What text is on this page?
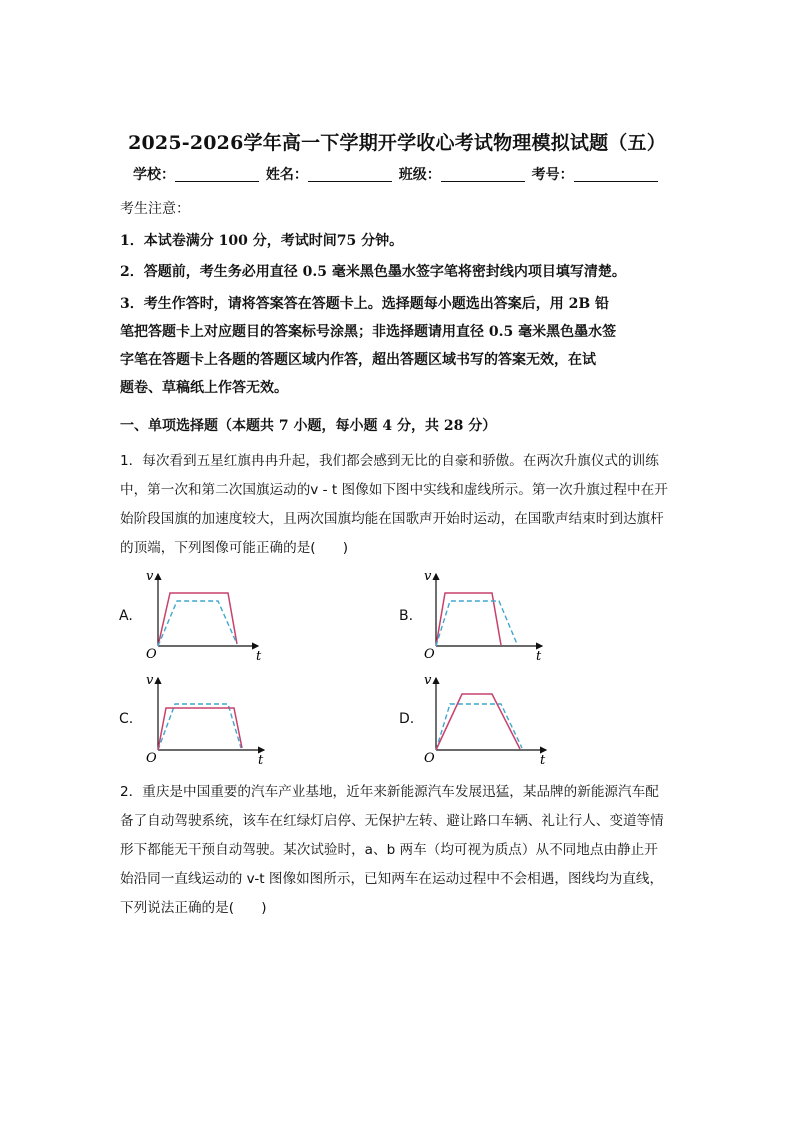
2025-2026学年高一下学期开学收心考试物理模拟试题（五）
学校：	姓名：	班级：	考号：
考生注意：
1．本试卷满分 100 分，考试时间75 分钟。
2．答题前，考生务必用直径 0.5 毫米黑色墨水签字笔将密封线内项目填写清楚。
3．考生作答时，请将答案答在答题卡上。选择题每小题选出答案后，用 2B 铅
笔把答题卡上对应题目的答案标号涂黑；非选择题请用直径 0.5 毫米黑色墨水签
字笔在答题卡上各题的答题区域内作答，超出答题区域书写的答案无效，在试
题卷、草稿纸上作答无效。
一、单项选择题（本题共 7 小题，每小题 4 分，共 28 分）
1．每次看到五星红旗冉冉升起，我们都会感到无比的自豪和骄傲。在两次升旗仪式的训练
中，第一次和第二次国旗运动的v - t 图像如下图中实线和虚线所示。第一次升旗过程中在开
始阶段国旗的加速度较大，且两次国旗均能在国歌声开始时运动，在国歌声结束时到达旗杆
的顶端，下列图像可能正确的是(　　)
A.	B.
C.	D.
v
t
O
v
t
O
v
t
O
v
t
O
2．重庆是中国重要的汽车产业基地，近年来新能源汽车发展迅猛，某品牌的新能源汽车配
备了自动驾驶系统，该车在红绿灯启停、无保护左转、避让路口车辆、礼让行人、变道等情
形下都能无干预自动驾驶。某次试验时，a、b 两车（均可视为质点）从不同地点由静止开
始沿同一直线运动的 v-t 图像如图所示，已知两车在运动过程中不会相遇，图线均为直线，
下列说法正确的是(　　)
